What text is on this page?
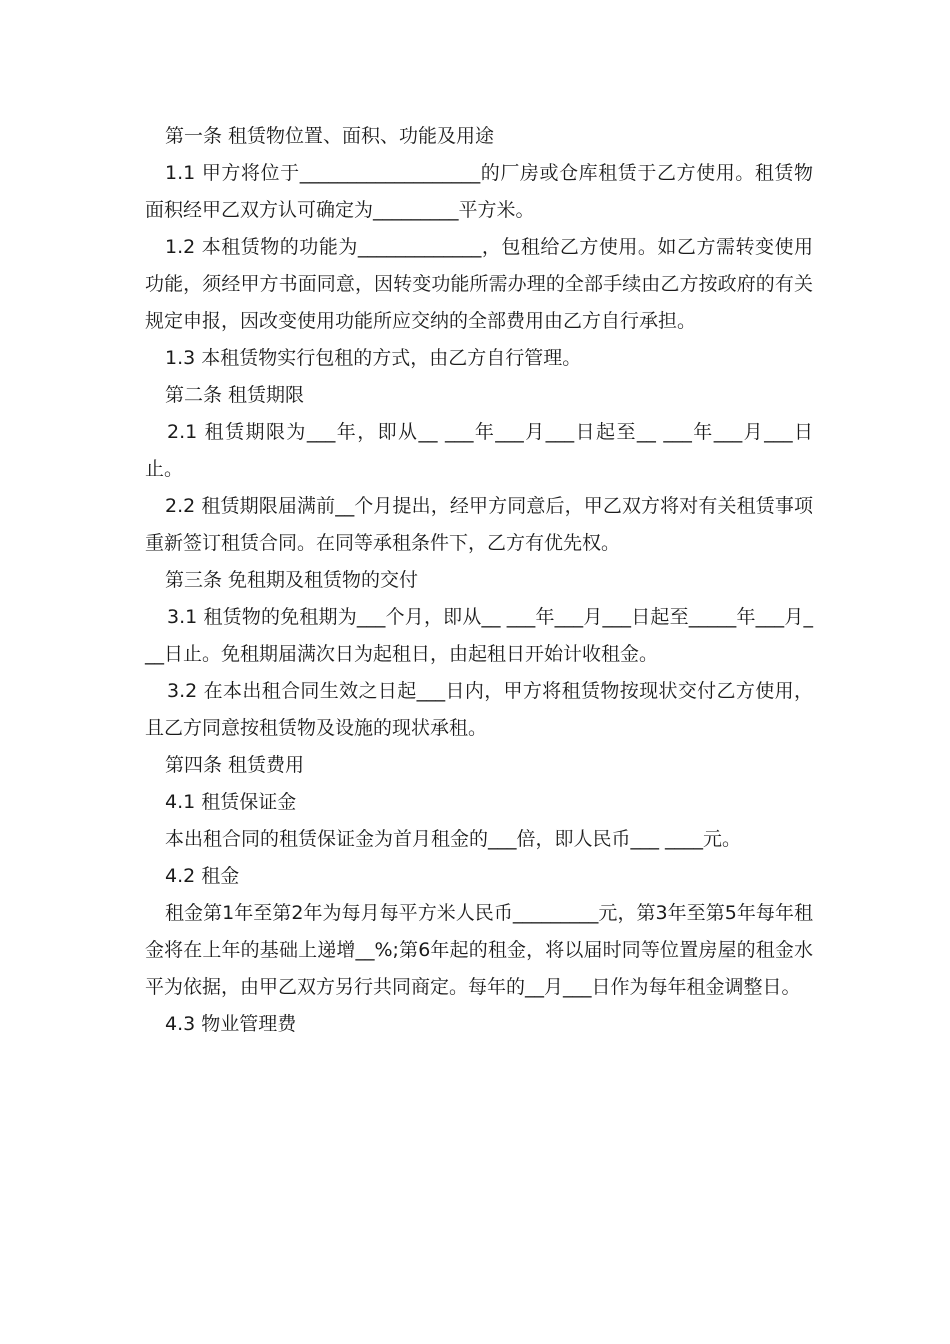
第一条 租赁物位置、面积、功能及用途

1.1 甲方将位于___________________的厂房或仓库租赁于乙方使用。租赁物面积经甲乙双方认可确定为_________平方米。

1.2 本租赁物的功能为_____________，包租给乙方使用。如乙方需转变使用功能，须经甲方书面同意，因转变功能所需办理的全部手续由乙方按政府的有关规定申报，因改变使用功能所应交纳的全部费用由乙方自行承担。

1.3 本租赁物实行包租的方式，由乙方自行管理。

第二条 租赁期限

2.1 租赁期限为___年，即从__ ___年___月___日起至__ ___年___月___日止。

2.2 租赁期限届满前__个月提出，经甲方同意后，甲乙双方将对有关租赁事项重新签订租赁合同。在同等承租条件下，乙方有优先权。

第三条 免租期及租赁物的交付

3.1 租赁物的免租期为___个月，即从__ ___年___月___日起至_____年___月___日止。免租期届满次日为起租日，由起租日开始计收租金。

3.2 在本出租合同生效之日起___日内，甲方将租赁物按现状交付乙方使用，且乙方同意按租赁物及设施的现状承租。

第四条 租赁费用

4.1 租赁保证金

本出租合同的租赁保证金为首月租金的___倍，即人民币___ ____元。

4.2 租金

租金第1年至第2年为每月每平方米人民币_________元，第3年至第5年每年租金将在上年的基础上递增__%;第6年起的租金，将以届时同等位置房屋的租金水平为依据，由甲乙双方另行共同商定。每年的__月___日作为每年租金调整日。

4.3 物业管理费
